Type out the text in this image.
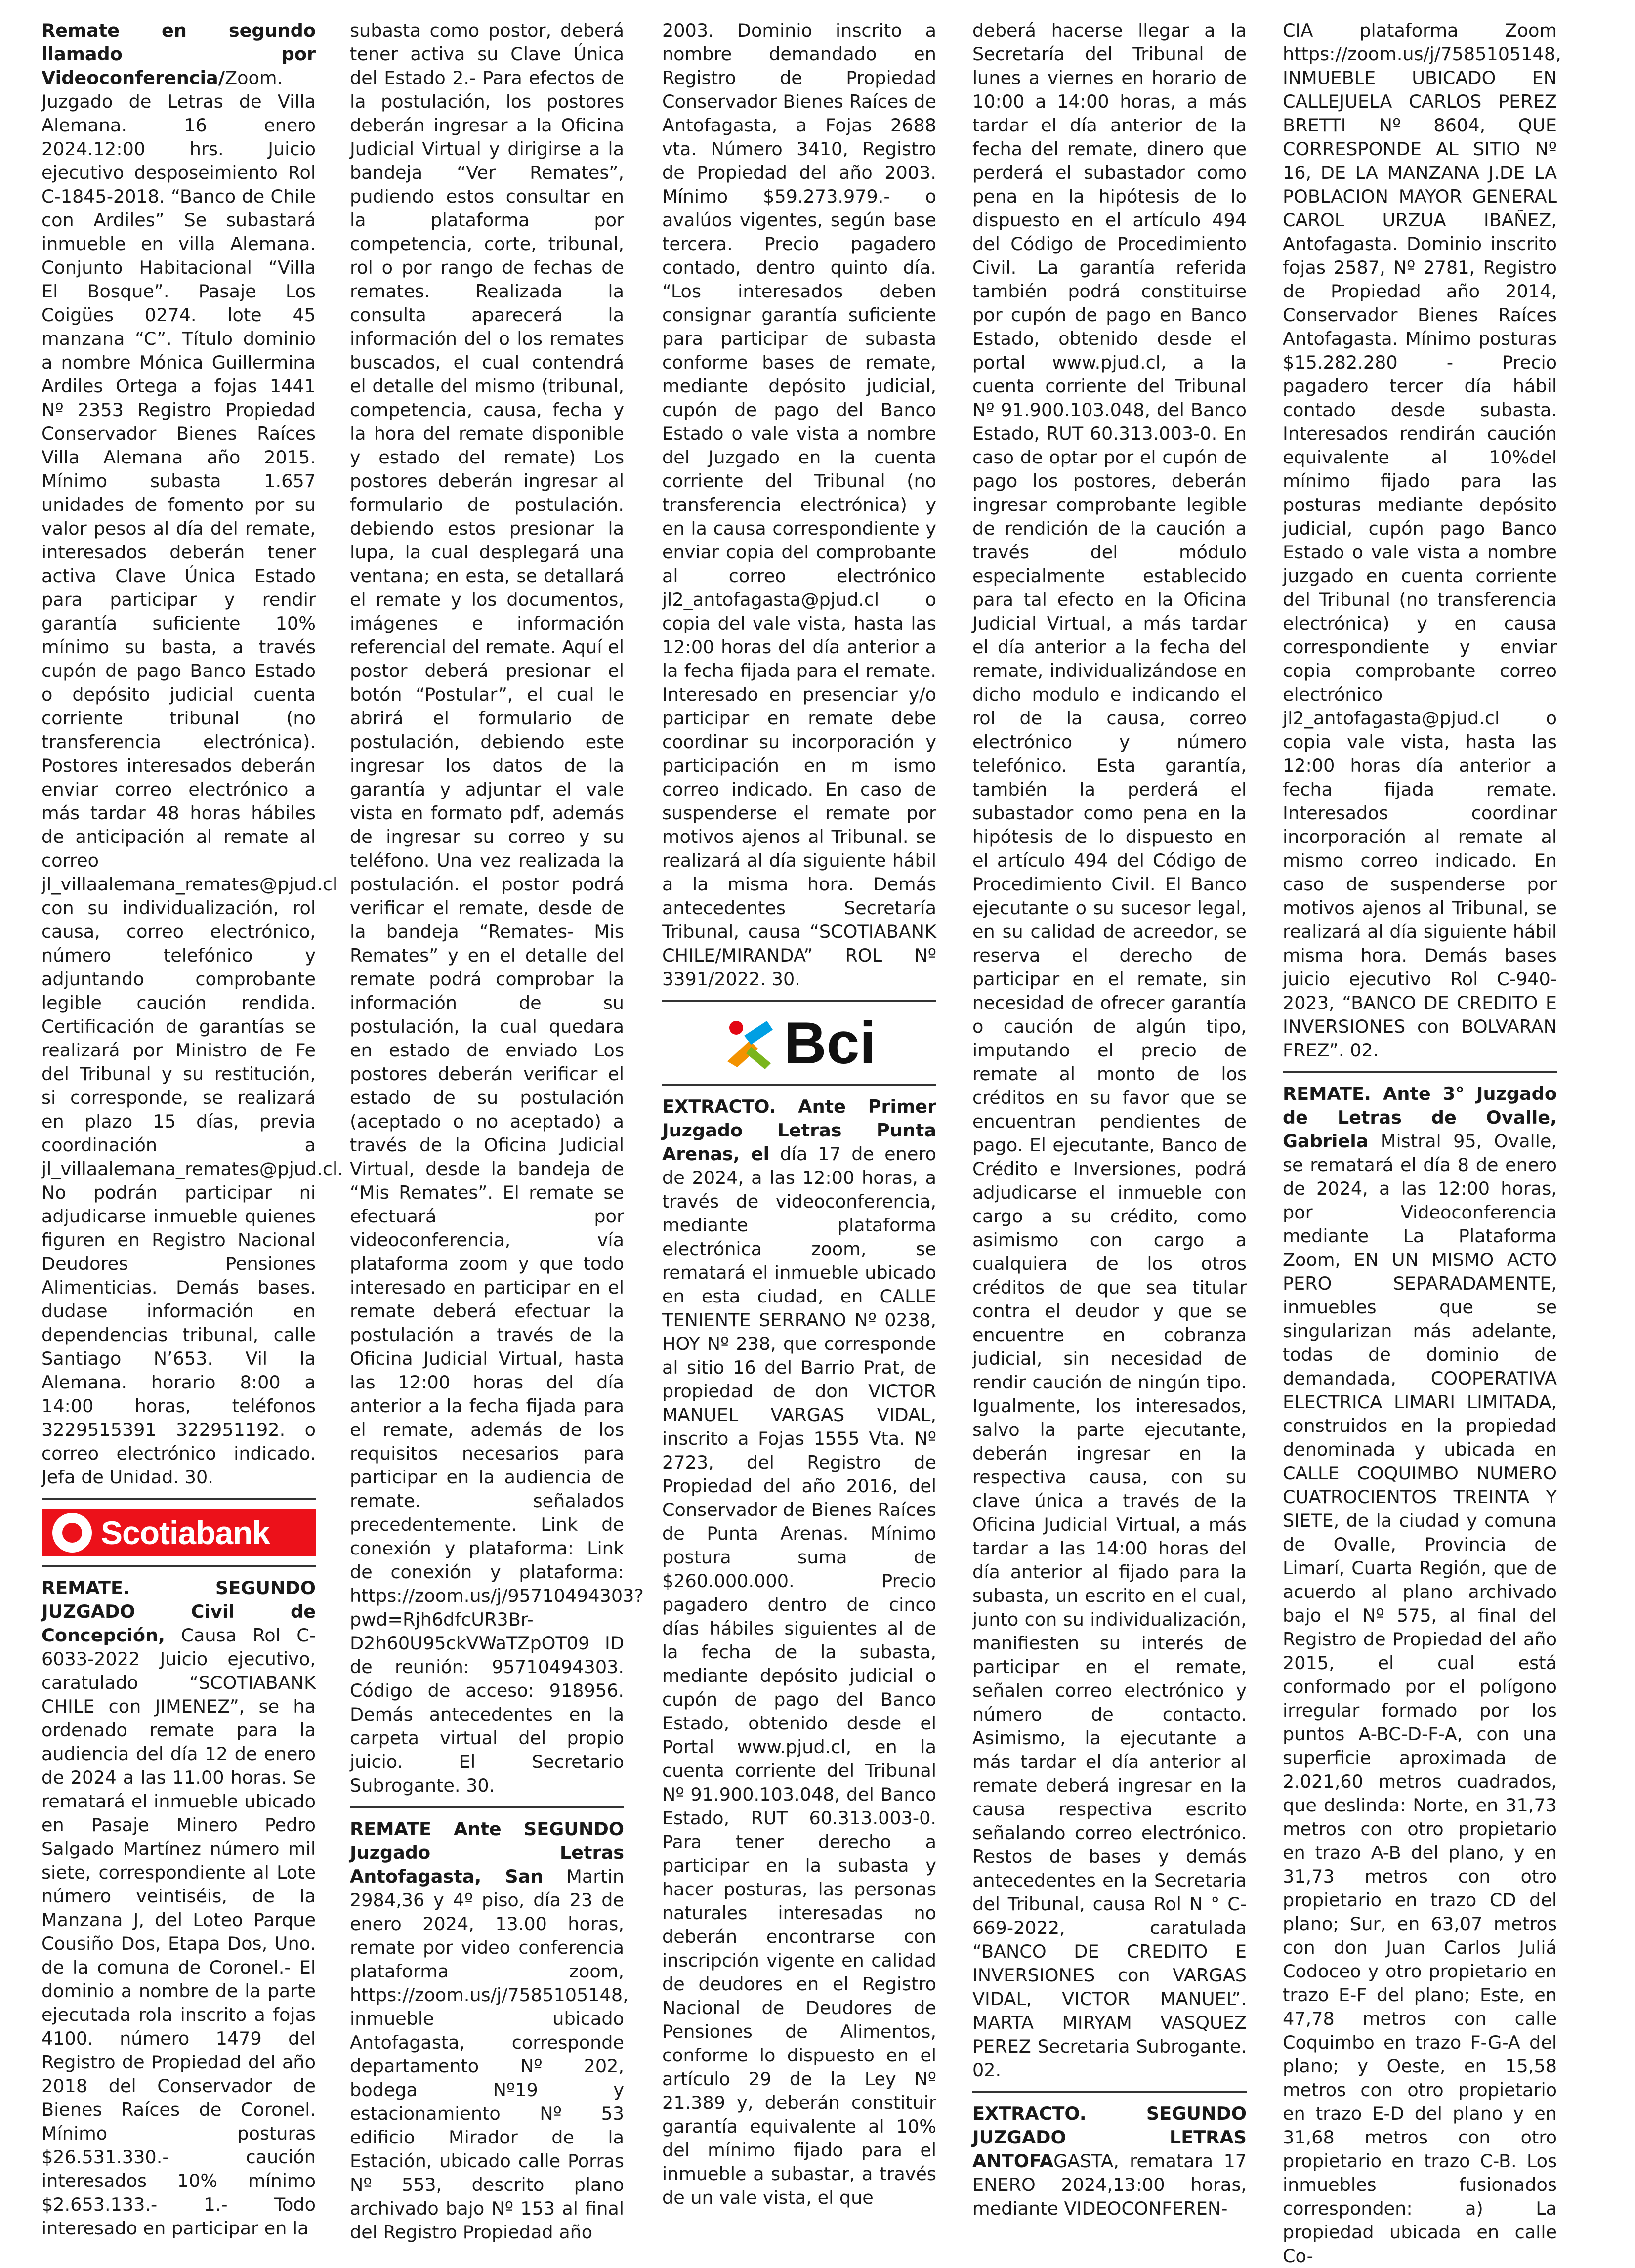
Remate en segundo llamado por Videoconferencia/Zoom. Juzgado de Letras de Villa Alemana. 16 enero 2024.12:00 hrs. Juicio ejecutivo desposeimiento Rol C-1845-2018. “Banco de Chile con Ardiles” Se subastará inmueble en villa Alemana. Conjunto Habitacional “Villa El Bosque”. Pasaje Los Coigües 0274. lote 45 manzana “C”. Título dominio a nombre Mónica Guillermina Ardiles Ortega a fojas 1441 Nº 2353 Registro Propiedad Conservador Bienes Raíces Villa Alemana año 2015. Mínimo subasta 1.657 unidades de fomento por su valor pesos al día del remate, interesados deberán tener activa Clave Única Estado para participar y rendir garantía suficiente 10% mínimo su basta, a través cupón de pago Banco Estado o depósito judicial cuenta corriente tribunal (no transferencia electrónica). Postores interesados deberán enviar correo electrónico a más tardar 48 horas hábiles de anticipación al remate al correo jl_villaalemana_remates@pjud.cl con su individualización, rol causa, correo electrónico, número telefónico y adjuntando comprobante legible caución rendida. Certificación de garantías se realizará por Ministro de Fe del Tribunal y su restitución, si corresponde, se realizará en plazo 15 días, previa coordinación a jl_villaalemana_remates@pjud.cl. No podrán participar ni adjudicarse inmueble quienes figuren en Registro Nacional Deudores Pensiones Alimenticias. Demás bases. dudase información en dependencias tribunal, calle Santiago N’653. Vil la Alemana. horario 8:00 a 14:00 horas, teléfonos 3229515391 322951192. o correo electrónico indicado. Jefa de Unidad. 30.

Scotiabank

REMATE. SEGUNDO JUZGADO Civil de Concepción, Causa Rol C-6033-2022 Juicio ejecutivo, caratulado “SCOTIABANK CHILE con JIMENEZ”, se ha ordenado remate para la audiencia del día 12 de enero de 2024 a las 11.00 horas. Se rematará el inmueble ubicado en Pasaje Minero Pedro Salgado Martínez número mil siete, correspondiente al Lote número veintiséis, de la Manzana J, del Loteo Parque Cousiño Dos, Etapa Dos, Uno. de la comuna de Coronel.- El dominio a nombre de la parte ejecutada rola inscrito a fojas 4100. número 1479 del Registro de Propiedad del año 2018 del Conservador de Bienes Raíces de Coronel. Mínimo posturas $26.531.330.- caución interesados 10% mínimo $2.653.133.- 1.- Todo interesado en participar en la

subasta como postor, deberá tener activa su Clave Única del Estado 2.- Para efectos de la postulación, los postores deberán ingresar a la Oficina Judicial Virtual y dirigirse a la bandeja “Ver Remates”, pudiendo estos consultar en la plataforma por competencia, corte, tribunal, rol o por rango de fechas de remates. Realizada la consulta aparecerá la información del o los remates buscados, el cual contendrá el detalle del mismo (tribunal, competencia, causa, fecha y la hora del remate disponible y estado del remate) Los postores deberán ingresar al formulario de postulación. debiendo estos presionar la lupa, la cual desplegará una ventana; en esta, se detallará el remate y los documentos, imágenes e información referencial del remate. Aquí el postor deberá presionar el botón “Postular”, el cual le abrirá el formulario de postulación, debiendo este ingresar los datos de la garantía y adjuntar el vale vista en formato pdf, además de ingresar su correo y su teléfono. Una vez realizada la postulación. el postor podrá verificar el remate, desde de la bandeja “Remates- Mis Remates” y en el detalle del remate podrá comprobar la información de su postulación, la cual quedara en estado de enviado Los postores deberán verificar el estado de su postulación (aceptado o no aceptado) a través de la Oficina Judicial Virtual, desde la bandeja de “Mis Remates”. El remate se efectuará por videoconferencia, vía plataforma zoom y que todo interesado en participar en el remate deberá efectuar la postulación a través de la Oficina Judicial Virtual, hasta las 12:00 horas del día anterior a la fecha fijada para el remate, además de los requisitos necesarios para participar en la audiencia de remate. señalados precedentemente. Link de conexión y plataforma: Link de conexión y plataforma: https://zoom.us/j/95710494303?pwd=Rjh6dfcUR3Br-D2h60U95ckVWaTZpOT09 ID de reunión: 95710494303. Código de acceso: 918956. Demás antecedentes en la carpeta virtual del propio juicio. El Secretario Subrogante. 30.

REMATE Ante SEGUNDO Juzgado Letras Antofagasta, San Martin 2984,36 y 4º piso, día 23 de enero 2024, 13.00 horas, remate por video conferencia plataforma zoom, https://zoom.us/j/7585105148, inmueble ubicado Antofagasta, corresponde departamento Nº 202, bodega Nº19 y estacionamiento Nº 53 edificio Mirador de la Estación, ubicado calle Porras Nº 553, descrito plano archivado bajo Nº 153 al final del Registro Propiedad año

2003. Dominio inscrito a nombre demandado en Registro de Propiedad Conservador Bienes Raíces de Antofagasta, a Fojas 2688 vta. Número 3410, Registro de Propiedad del año 2003. Mínimo $59.273.979.- o avalúos vigentes, según base tercera. Precio pagadero contado, dentro quinto día. “Los interesados deben consignar garantía suficiente para participar de subasta conforme bases de remate, mediante depósito judicial, cupón de pago del Banco Estado o vale vista a nombre del Juzgado en la cuenta corriente del Tribunal (no transferencia electrónica) y en la causa correspondiente y enviar copia del comprobante al correo electrónico jl2_antofagasta@pjud.cl o copia del vale vista, hasta las 12:00 horas del día anterior a la fecha fijada para el remate. Interesado en presenciar y/o participar en remate debe coordinar su incorporación y participación en m ismo correo indicado. En caso de suspenderse el remate por motivos ajenos al Tribunal. se realizará al día siguiente hábil a la misma hora. Demás antecedentes Secretaría Tribunal, causa “SCOTIABANK CHILE/MIRANDA” ROL Nº 3391/2022. 30.

Bci

EXTRACTO. Ante Primer Juzgado Letras Punta Arenas, el día 17 de enero de 2024, a las 12:00 horas, a través de videoconferencia, mediante plataforma electrónica zoom, se rematará el inmueble ubicado en esta ciudad, en CALLE TENIENTE SERRANO Nº 0238, HOY Nº 238, que corresponde al sitio 16 del Barrio Prat, de propiedad de don VICTOR MANUEL VARGAS VIDAL, inscrito a Fojas 1555 Vta. Nº 2723, del Registro de Propiedad del año 2016, del Conservador de Bienes Raíces de Punta Arenas. Mínimo postura suma de $260.000.000. Precio pagadero dentro de cinco días hábiles siguientes al de la fecha de la subasta, mediante depósito judicial o cupón de pago del Banco Estado, obtenido desde el Portal www.pjud.cl, en la cuenta corriente del Tribunal Nº 91.900.103.048, del Banco Estado, RUT 60.313.003-0. Para tener derecho a participar en la subasta y hacer posturas, las personas naturales interesadas no deberán encontrarse con inscripción vigente en calidad de deudores en el Registro Nacional de Deudores de Pensiones de Alimentos, conforme lo dispuesto en el artículo 29 de la Ley Nº 21.389 y, deberán constituir garantía equivalente al 10% del mínimo fijado para el inmueble a subastar, a través de un vale vista, el que

deberá hacerse llegar a la Secretaría del Tribunal de lunes a viernes en horario de 10:00 a 14:00 horas, a más tardar el día anterior de la fecha del remate, dinero que perderá el subastador como pena en la hipótesis de lo dispuesto en el artículo 494 del Código de Procedimiento Civil. La garantía referida también podrá constituirse por cupón de pago en Banco Estado, obtenido desde el portal www.pjud.cl, a la cuenta corriente del Tribunal Nº 91.900.103.048, del Banco Estado, RUT 60.313.003-0. En caso de optar por el cupón de pago los postores, deberán ingresar comprobante legible de rendición de la caución a través del módulo especialmente establecido para tal efecto en la Oficina Judicial Virtual, a más tardar el día anterior a la fecha del remate, individualizándose en dicho modulo e indicando el rol de la causa, correo electrónico y número telefónico. Esta garantía, también la perderá el subastador como pena en la hipótesis de lo dispuesto en el artículo 494 del Código de Procedimiento Civil. El Banco ejecutante o su sucesor legal, en su calidad de acreedor, se reserva el derecho de participar en el remate, sin necesidad de ofrecer garantía o caución de algún tipo, imputando el precio de remate al monto de los créditos en su favor que se encuentran pendientes de pago. El ejecutante, Banco de Crédito e Inversiones, podrá adjudicarse el inmueble con cargo a su crédito, como asimismo con cargo a cualquiera de los otros créditos de que sea titular contra el deudor y que se encuentre en cobranza judicial, sin necesidad de rendir caución de ningún tipo. Igualmente, los interesados, salvo la parte ejecutante, deberán ingresar en la respectiva causa, con su clave única a través de la Oficina Judicial Virtual, a más tardar a las 14:00 horas del día anterior al fijado para la subasta, un escrito en el cual, junto con su individualización, manifiesten su interés de participar en el remate, señalen correo electrónico y número de contacto. Asimismo, la ejecutante a más tardar el día anterior al remate deberá ingresar en la causa respectiva escrito señalando correo electrónico. Restos de bases y demás antecedentes en la Secretaria del Tribunal, causa Rol N ° C-669-2022, caratulada “BANCO DE CREDITO E INVERSIONES con VARGAS VIDAL, VICTOR MANUEL”. MARTA MIRYAM VASQUEZ PEREZ Secretaria Subrogante. 02.

EXTRACTO. SEGUNDO JUZGADO LETRAS ANTOFAGASTA, rematara 17 ENERO 2024,13:00 horas, mediante VIDEOCONFEREN-

CIA plataforma Zoom https://zoom.us/j/7585105148, INMUEBLE UBICADO EN CALLEJUELA CARLOS PEREZ BRETTI Nº 8604, QUE CORRESPONDE AL SITIO Nº 16, DE LA MANZANA J.DE LA POBLACION MAYOR GENERAL CAROL URZUA IBAÑEZ, Antofagasta. Dominio inscrito fojas 2587, Nº 2781, Registro de Propiedad año 2014, Conservador Bienes Raíces Antofagasta. Mínimo posturas $15.282.280 - Precio pagadero tercer día hábil contado desde subasta. Interesados rendirán caución equivalente al 10%del mínimo fijado para las posturas mediante depósito judicial, cupón pago Banco Estado o vale vista a nombre juzgado en cuenta corriente del Tribunal (no transferencia electrónica) y en causa correspondiente y enviar copia comprobante correo electrónico jl2_antofagasta@pjud.cl o copia vale vista, hasta las 12:00 horas día anterior a fecha fijada remate. Interesados coordinar incorporación al remate al mismo correo indicado. En caso de suspenderse por motivos ajenos al Tribunal, se realizará al día siguiente hábil misma hora. Demás bases juicio ejecutivo Rol C-940-2023, “BANCO DE CREDITO E INVERSIONES con BOLVARAN FREZ”. 02.

REMATE. Ante 3° Juzgado de Letras de Ovalle, Gabriela Mistral 95, Ovalle, se rematará el día 8 de enero de 2024, a las 12:00 horas, por Videoconferencia mediante La Plataforma Zoom, EN UN MISMO ACTO PERO SEPARADAMENTE, inmuebles que se singularizan más adelante, todas de dominio de demandada, COOPERATIVA ELECTRICA LIMARI LIMITADA, construidos en la propiedad denominada y ubicada en CALLE COQUIMBO NUMERO CUATROCIENTOS TREINTA Y SIETE, de la ciudad y comuna de Ovalle, Provincia de Limarí, Cuarta Región, que de acuerdo al plano archivado bajo el Nº 575, al final del Registro de Propiedad del año 2015, el cual está conformado por el polígono irregular formado por los puntos A-BC-D-F-A, con una superficie aproximada de 2.021,60 metros cuadrados, que deslinda: Norte, en 31,73 metros con otro propietario en trazo A-B del plano, y en 31,73 metros con otro propietario en trazo CD del plano; Sur, en 63,07 metros con don Juan Carlos Juliá Codoceo y otro propietario en trazo E-F del plano; Este, en 47,78 metros con calle Coquimbo en trazo F-G-A del plano; y Oeste, en 15,58 metros con otro propietario en trazo E-D del plano y en 31,68 metros con otro propietario en trazo C-B. Los inmuebles fusionados corresponden: a) La propiedad ubicada en calle Co-
